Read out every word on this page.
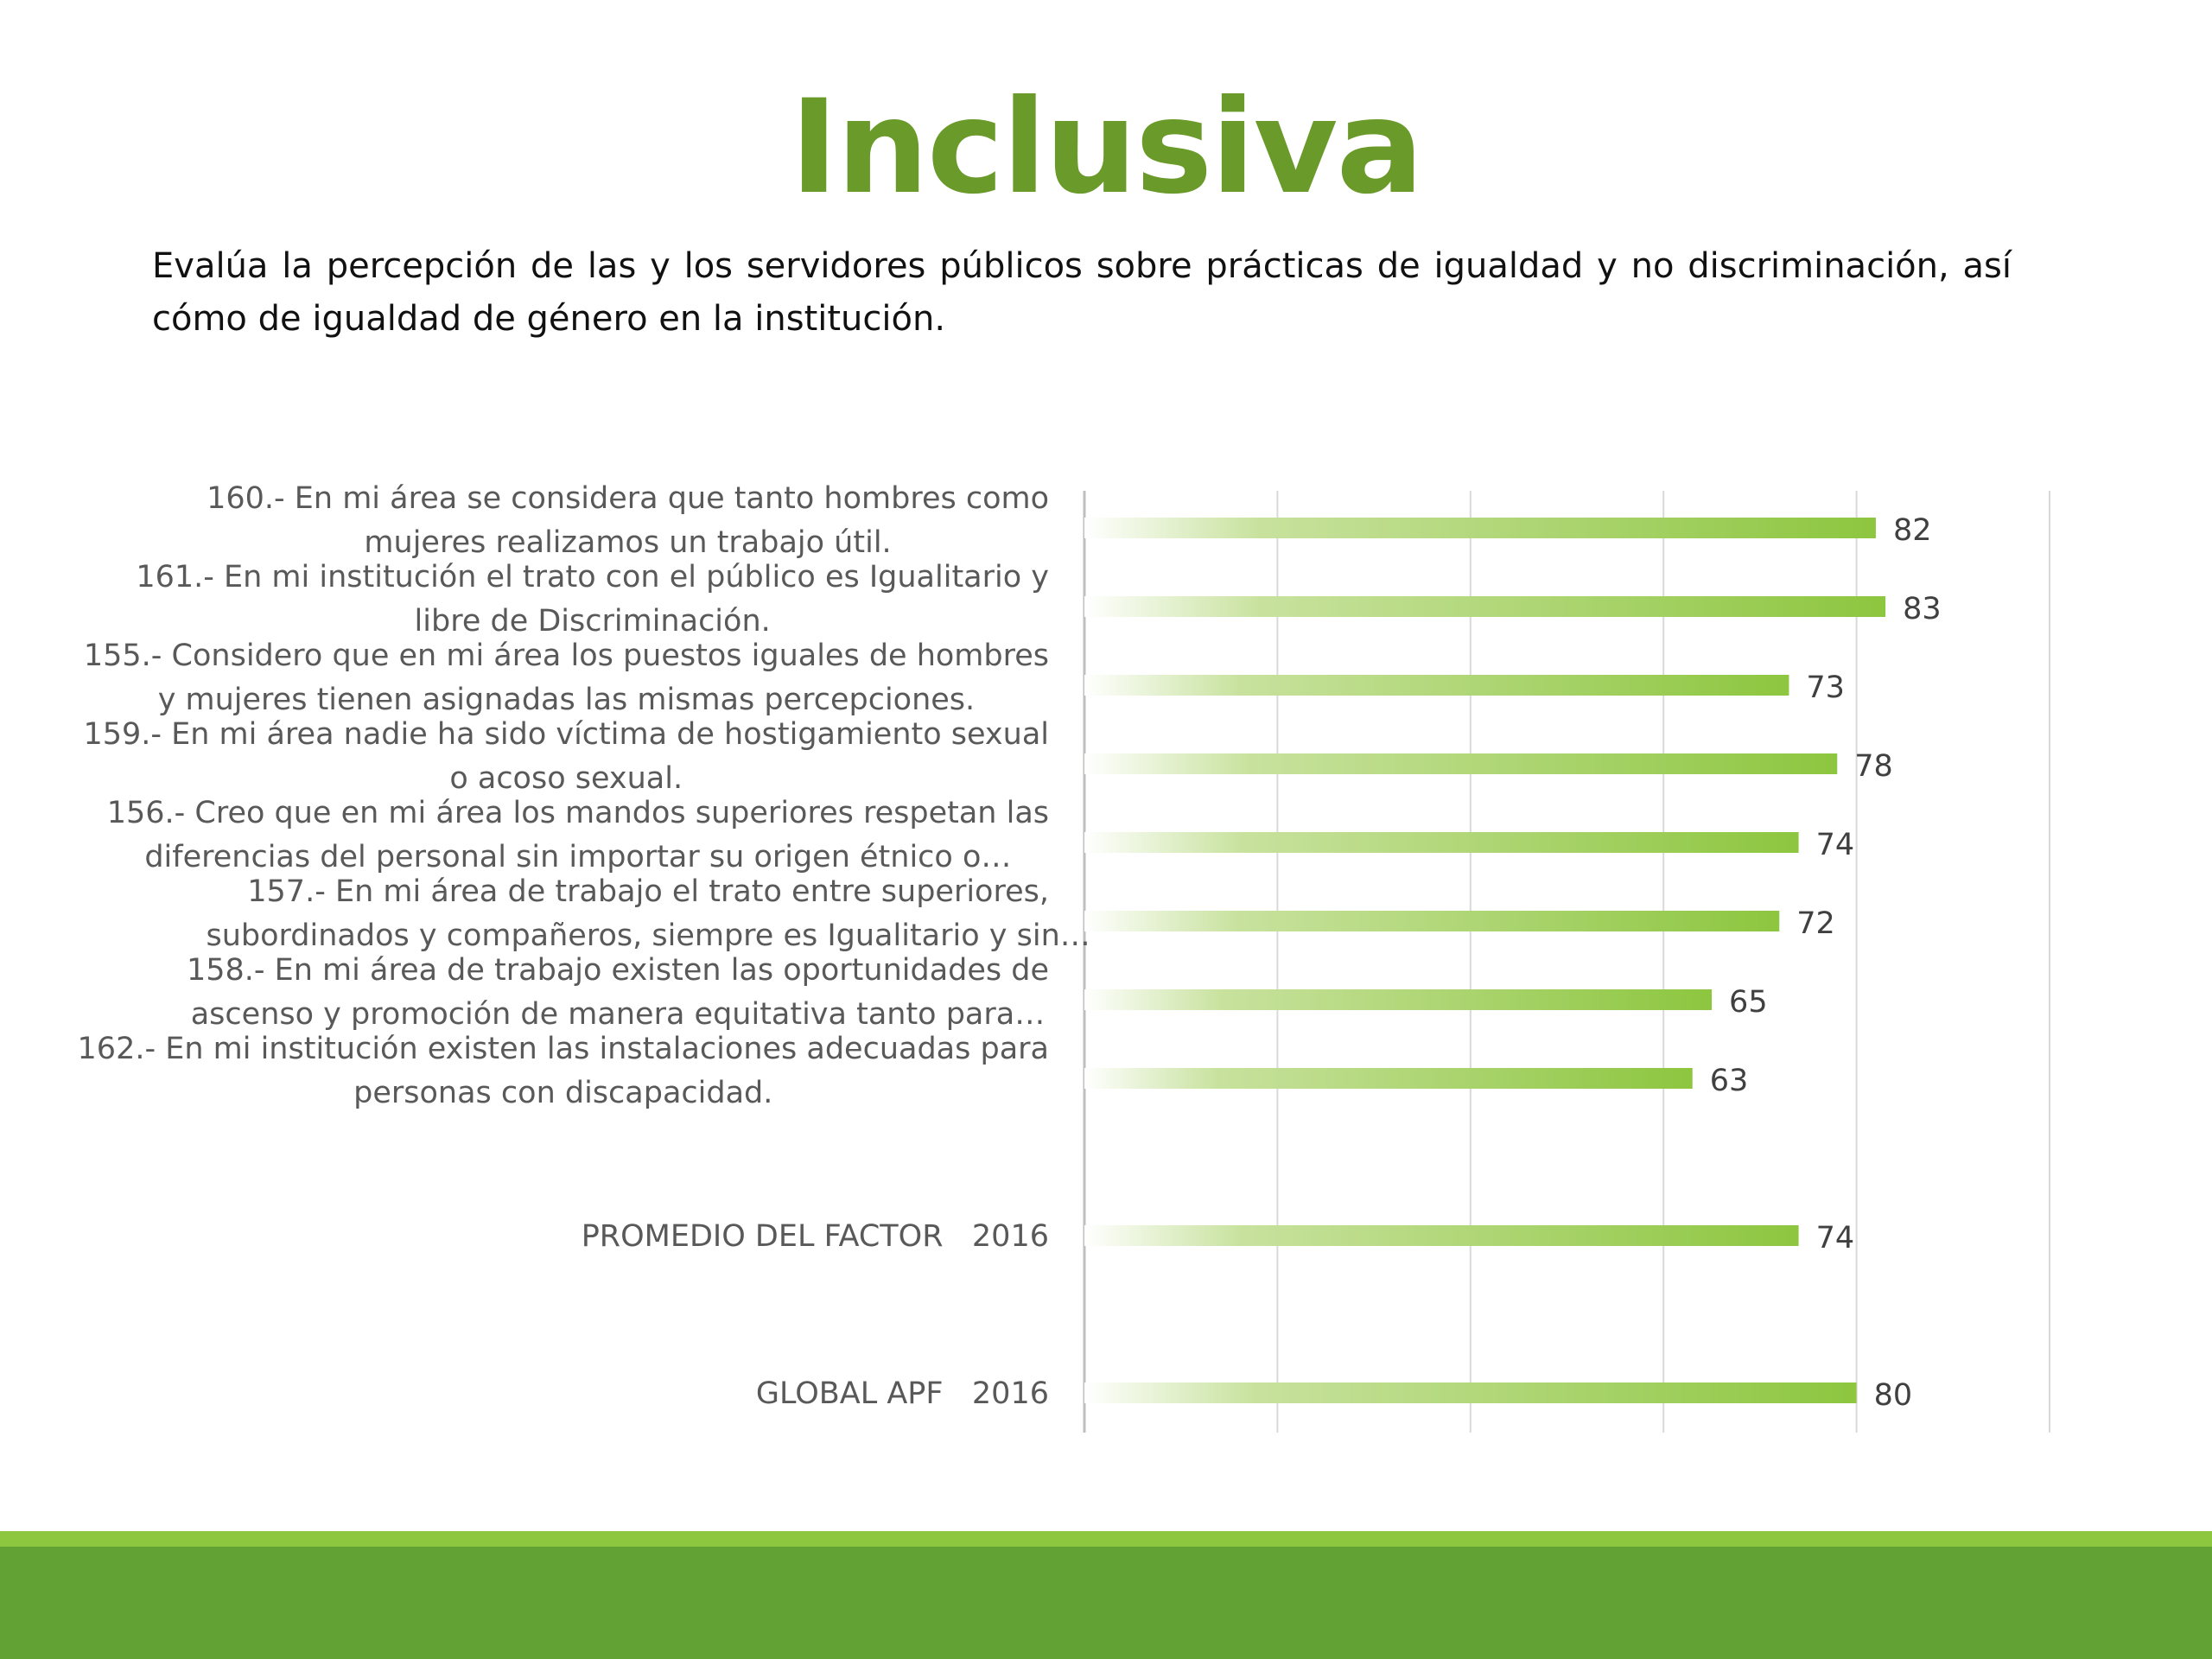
Inclusiva
Evalúa la percepción de las y los servidores públicos sobre prácticas de igualdad y no discriminación, así cómo de igualdad de género en la institución.
82
160.- En mi área se considera que tanto hombres como
mujeres realizamos un trabajo útil.
83
161.- En mi institución el trato con el público es Igualitario y
libre de Discriminación.
73
155.- Considero que en mi área los puestos iguales de hombres
y mujeres tienen asignadas las mismas percepciones.
78
159.- En mi área nadie ha sido víctima de hostigamiento sexual
o acoso sexual.
74
156.- Creo que en mi área los mandos superiores respetan las
diferencias del personal sin importar su origen étnico o…
72
157.- En mi área de trabajo el trato entre superiores,
subordinados y compañeros, siempre es Igualitario y sin…
65
158.- En mi área de trabajo existen las oportunidades de
ascenso y promoción de manera equitativa tanto para…
63
162.- En mi institución existen las instalaciones adecuadas para
personas con discapacidad.
74
PROMEDIO DEL FACTOR   2016
80
GLOBAL APF   2016
